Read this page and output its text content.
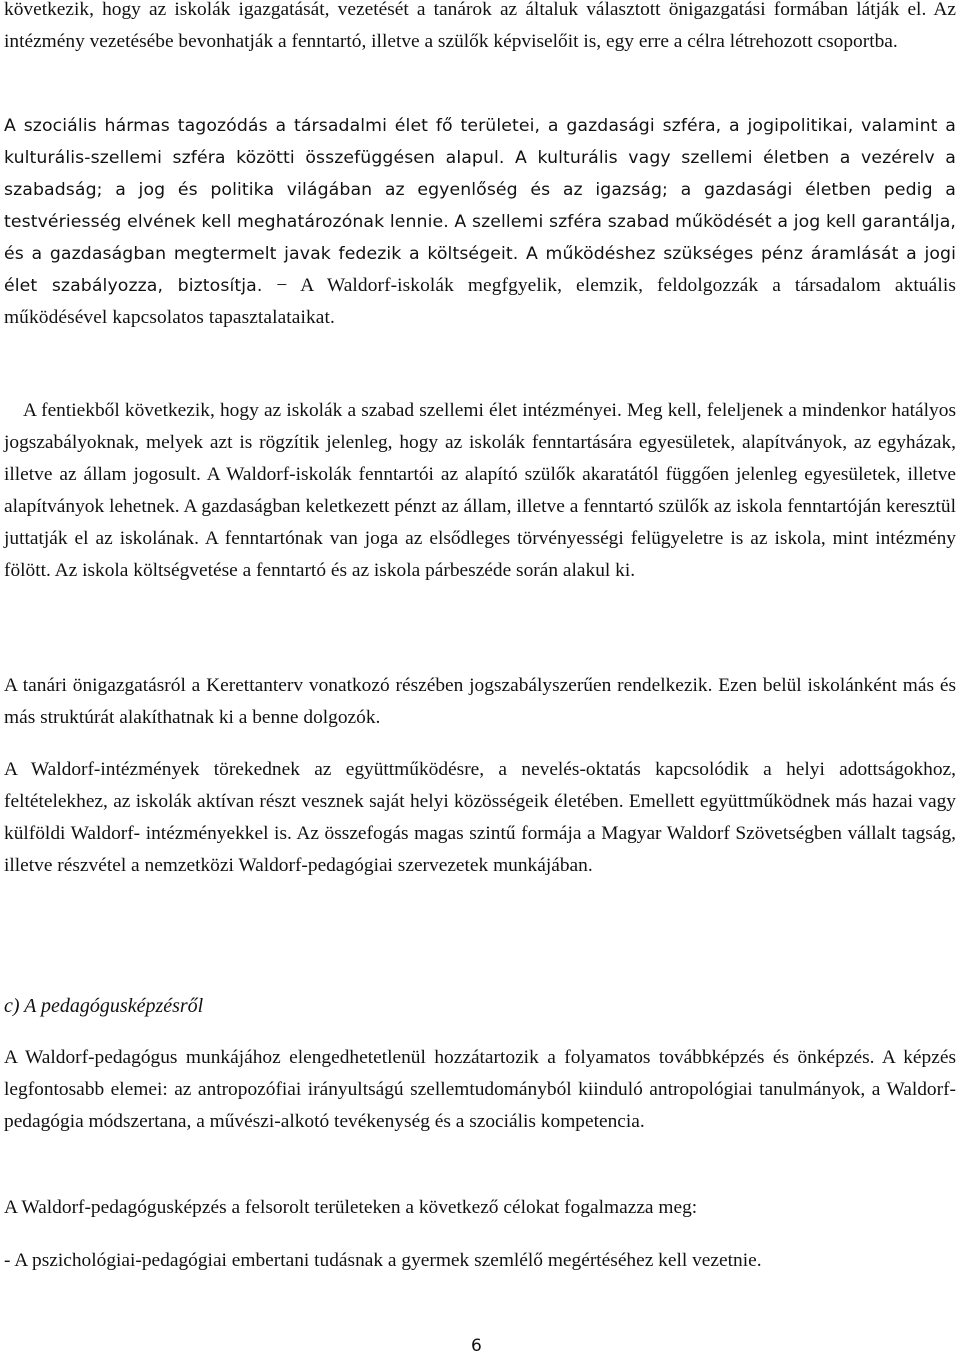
következik, hogy az iskolák igazgatását, vezetését a tanárok az általuk választott önigazgatási formában látják el. Az intézmény vezetésébe bevonhatják a fenntartó, illetve a szülők képviselőit is, egy erre a célra létrehozott csoportba.

A szociális hármas tagozódás a társadalmi élet fő területei, a gazdasági szféra, a jogipolitikai, valamint a kulturális-szellemi szféra közötti összefüggésen alapul. A kulturális vagy szellemi életben a vezérelv a szabadság; a jog és politika világában az egyenlőség és az igazság; a gazdasági életben pedig a testvériesség elvének kell meghatározónak lennie. A szellemi szféra szabad működését a jog kell garantálja, és a gazdaságban megtermelt javak fedezik a költségeit. A működéshez szükséges pénz áramlását a jogi élet szabályozza, biztosítja. − A Waldorf-iskolák megfgyelik, elemzik, feldolgozzák a társadalom aktuális működésével kapcsolatos tapasztalataikat.

A fentiekből következik, hogy az iskolák a szabad szellemi élet intézményei. Meg kell, feleljenek a mindenkor hatályos jogszabályoknak, melyek azt is rögzítik jelenleg, hogy az iskolák fenntartására egyesületek, alapítványok, az egyházak, illetve az állam jogosult. A Waldorf-iskolák fenntartói az alapító szülők akaratától függően jelenleg egyesületek, illetve alapítványok lehetnek. A gazdaságban keletkezett pénzt az állam, illetve a fenntartó szülők az iskola fenntartóján keresztül juttatják el az iskolának. A fenntartónak van joga az elsődleges törvényességi felügyeletre is az iskola, mint intézmény fölött. Az iskola költségvetése a fenntartó és az iskola párbeszéde során alakul ki.

A tanári önigazgatásról a Kerettanterv vonatkozó részében jogszabályszerűen rendelkezik. Ezen belül iskolánként más és más struktúrát alakíthatnak ki a benne dolgozók.

A Waldorf-intézmények törekednek az együttműködésre, a nevelés-oktatás kapcsolódik a helyi adottságokhoz, feltételekhez, az iskolák aktívan részt vesznek saját helyi közösségeik életében. Emellett együttműködnek más hazai vagy külföldi Waldorf- intézményekkel is. Az összefogás magas szintű formája a Magyar Waldorf Szövetségben vállalt tagság, illetve részvétel a nemzetközi Waldorf-pedagógiai szervezetek munkájában.

c) A pedagógusképzésről

A Waldorf-pedagógus munkájához elengedhetetlenül hozzátartozik a folyamatos továbbképzés és önképzés. A képzés legfontosabb elemei: az antropozófiai irányultságú szellemtudományból kiinduló antropológiai tanulmányok, a Waldorf-pedagógia módszertana, a művészi-alkotó tevékenység és a szociális kompetencia.

A Waldorf-pedagógusképzés a felsorolt területeken a következő célokat fogalmazza meg:

- A pszichológiai-pedagógiai embertani tudásnak a gyermek szemlélő megértéséhez kell vezetnie.

6
